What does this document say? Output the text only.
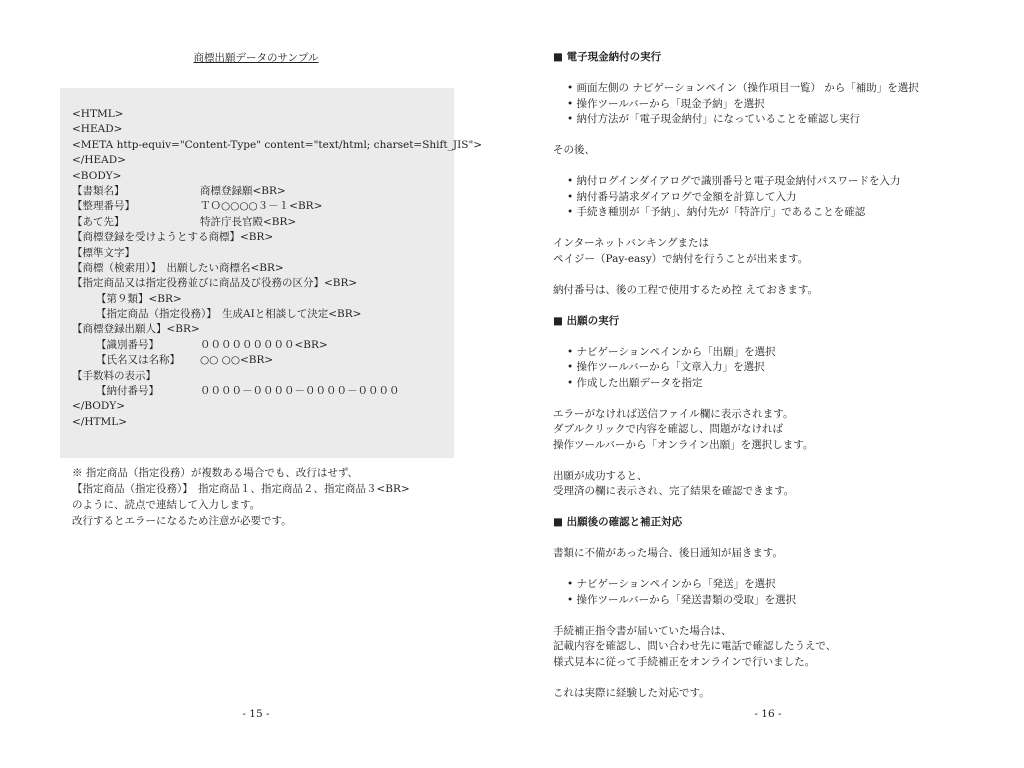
商標出願データのサンプル
<HTML>
<HEAD>
<META http-equiv="Content-Type" content="text/html; charset=Shift_JIS">
</HEAD>
<BODY>
【書類名】	商標登録願<BR>
【整理番号】	ＴＯ○○○○３－１<BR>
【あて先】	特許庁長官殿<BR>
【商標登録を受けようとする商標】<BR>
【標準文字】
【商標（検索用）】　出願したい商標名<BR>
【指定商品又は指定役務並びに商品及び役務の区分】<BR>
【第９類】<BR>
【指定商品（指定役務）】　生成AIと相談して決定<BR>
【商標登録出願人】<BR>
【識別番号】	０００００００００<BR>
【氏名又は名称】 ○○ ○○<BR>
【手数料の表示】
【納付番号】	００００－００００－００００－００００
</BODY>
</HTML>
※ 指定商品（指定役務）が複数ある場合でも、改行はせず、
【指定商品（指定役務）】　指定商品１、指定商品２、指定商品３<BR>
のように、読点で連結して入力します。
改行するとエラーになるため注意が必要です。
- 15 -
■ 電子現金納付の実行
• 画面左側の ナビゲーションペイン（操作項目一覧） から「補助」を選択
• 操作ツールバーから「現金予納」を選択
• 納付方法が「電子現金納付」になっていることを確認し実行
その後、
• 納付ログインダイアログで識別番号と電子現金納付パスワードを入力
• 納付番号請求ダイアログで金額を計算して入力
• 手続き種別が「予納」、納付先が「特許庁」であることを確認
インターネットバンキングまたは
ペイジー（Pay-easy）で納付を行うことが出来ます。
納付番号は、後の工程で使用するため控 えておきます。
■ 出願の実行
• ナビゲーションペインから「出願」を選択
• 操作ツールバーから「文章入力」を選択
• 作成した出願データを指定
エラーがなければ送信ファイル欄に表示されます。
ダブルクリックで内容を確認し、問題がなければ
操作ツールバーから「オンライン出願」を選択します。
出願が成功すると、
受理済の欄に表示され、完了結果を確認できます。
■ 出願後の確認と補正対応
書類に不備があった場合、後日通知が届きます。
• ナビゲーションペインから「発送」を選択
• 操作ツールバーから「発送書類の受取」を選択
手続補正指令書が届いていた場合は、
記載内容を確認し、問い合わせ先に電話で確認したうえで、
様式見本に従って手続補正をオンラインで行いました。
これは実際に経験した対応です。
- 16 -
